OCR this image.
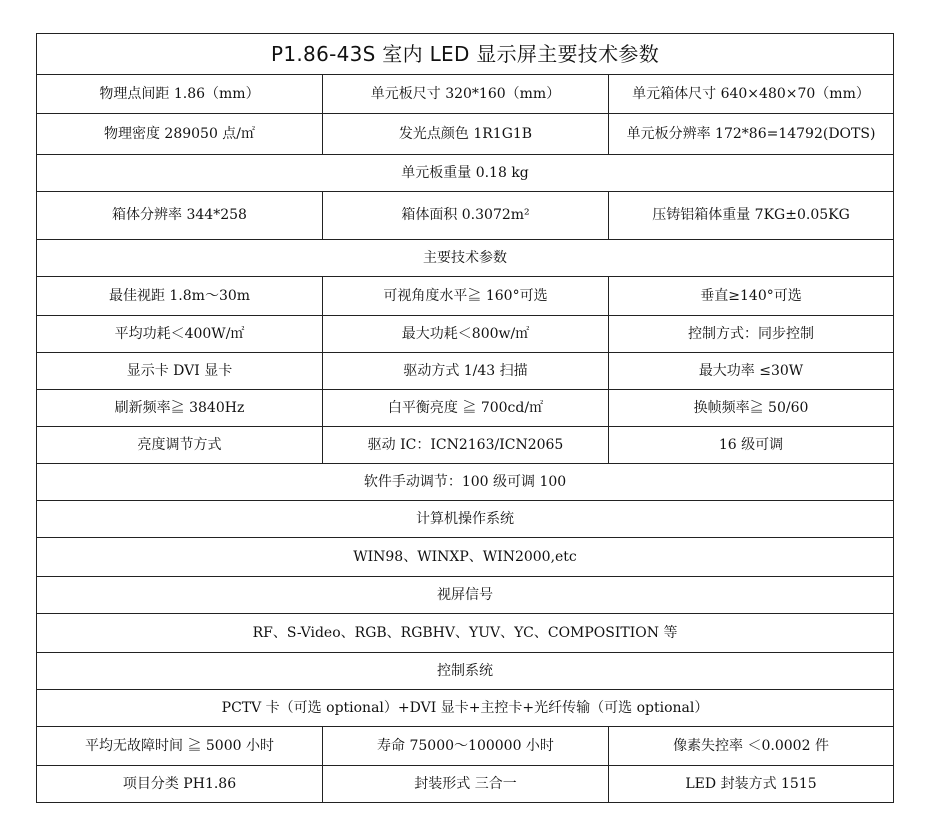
P1.86-43S 室内 LED 显示屏主要技术参数		
物理点间距 1.86（mm）	单元板尺寸 320*160（mm）	单元箱体尺寸 640×480×70（mm）
物理密度 289050 点/㎡	发光点颜色 1R1G1B	单元板分辨率 172*86=14792(DOTS)
单元板重量 0.18 kg		
箱体分辨率 344*258	箱体面积 0.3072m²	压铸铝箱体重量 7KG±0.05KG
主要技术参数		
最佳视距 1.8m～30m	可视角度水平≧ 160°可选	垂直≥140°可选
平均功耗＜400W/㎡	最大功耗＜800w/㎡	控制方式：同步控制
显示卡 DVI 显卡	驱动方式 1/43 扫描	最大功率 ≤30W
刷新频率≧ 3840Hz	白平衡亮度 ≧ 700cd/㎡	换帧频率≧ 50/60
亮度调节方式	驱动 IC：ICN2163/ICN2065	16 级可调
软件手动调节：100 级可调 100		
计算机操作系统		
WIN98、WINXP、WIN2000,etc		
视屏信号		
RF、S-Video、RGB、RGBHV、YUV、YC、COMPOSITION 等		
控制系统		
PCTV 卡（可选 optional）+DVI 显卡+主控卡+光纤传输（可选 optional）		
平均无故障时间 ≧ 5000 小时	寿命 75000～100000 小时	像素失控率 ＜0.0002 件
项目分类 PH1.86	封装形式 三合一	LED 封装方式 1515
